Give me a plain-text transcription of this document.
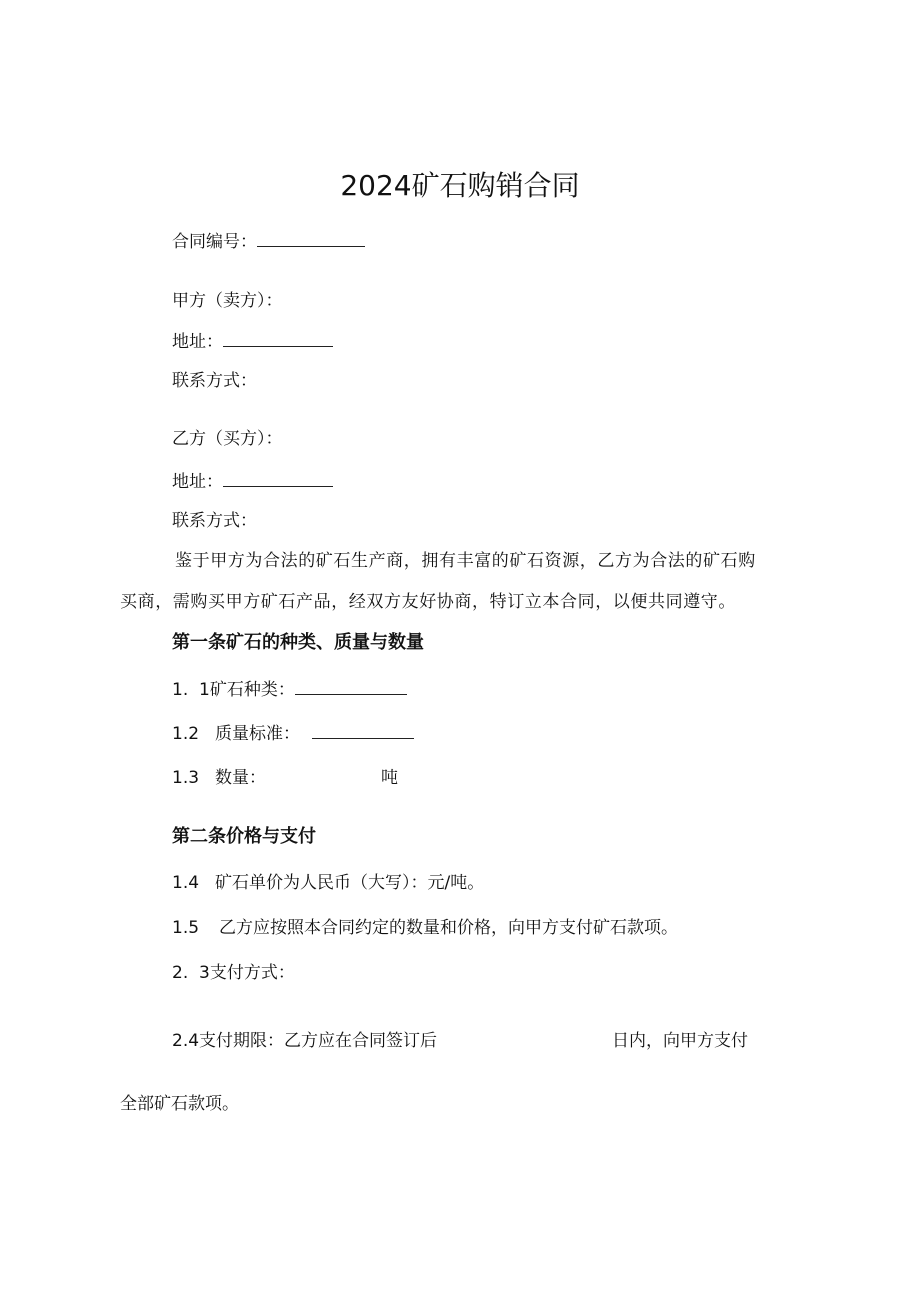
2024矿石购销合同
合同编号：
甲方（卖方）：
地址：
联系方式：
乙方（买方）：
地址：
联系方式：
鉴于甲方为合法的矿石生产商，拥有丰富的矿石资源，乙方为合法的矿石购
买商，需购买甲方矿石产品，经双方友好协商，特订立本合同，以便共同遵守。
第一条矿石的种类、质量与数量
1.  1矿石种类：
1.2 质量标准：
1.3 数量：	吨
第二条价格与支付
1.4 矿石单价为人民币（大写）：元/吨。
1.5 乙方应按照本合同约定的数量和价格，向甲方支付矿石款项。
2.  3支付方式：
2.4支付期限：乙方应在合同签订后	日内，向甲方支付
全部矿石款项。
